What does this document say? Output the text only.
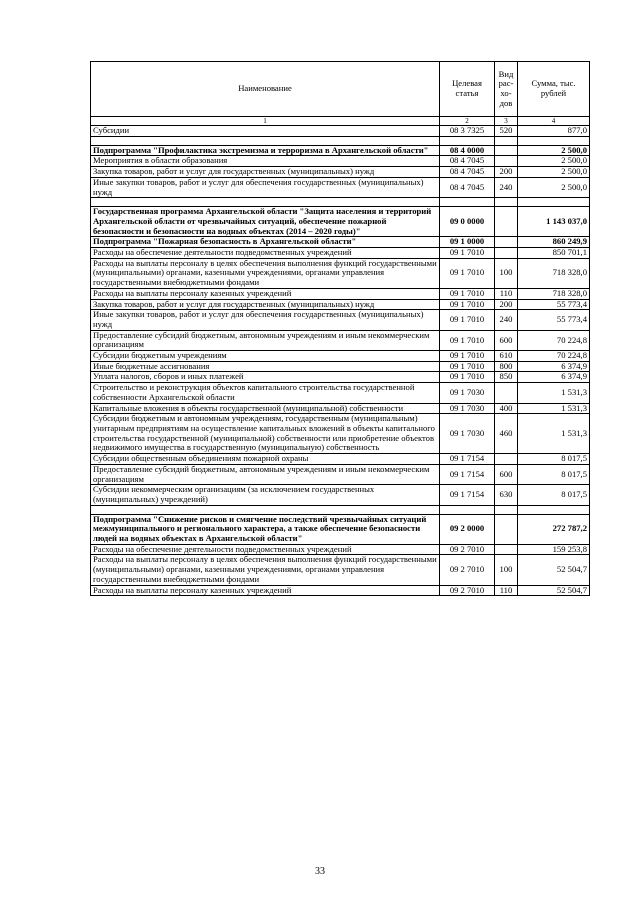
Наименование	Целевая статья	Вид рас-хо-дов	Сумма, тыс. рублей
1	2	3	4
Субсидии	08 3 7325	520	877,0

Подпрограмма "Профилактика экстремизма и терроризма в Архангельской области"	08 4 0000		2 500,0
Мероприятия в области образования	08 4 7045		2 500,0
Закупка товаров, работ и услуг для государственных (муниципальных) нужд	08 4 7045	200	2 500,0
Иные закупки товаров, работ и услуг для обеспечения государственных (муниципальных) нужд	08 4 7045	240	2 500,0

Государственная программа Архангельской области "Защита населения и территорий Архангельской области от чрезвычайных ситуаций, обеспечение пожарной безопасности и безопасности на водных объектах (2014 – 2020 годы)"	09 0 0000		1 143 037,0
Подпрограмма "Пожарная безопасность в Архангельской области"	09 1 0000		860 249,9
Расходы на обеспечение деятельности подведомственных учреждений	09 1 7010		850 701,1
Расходы на выплаты персоналу в целях обеспечения выполнения функций государственными (муниципальными) органами, казенными учреждениями, органами управления государственными внебюджетными фондами	09 1 7010	100	718 328,0
Расходы на выплаты персоналу казенных учреждений	09 1 7010	110	718 328,0
Закупка товаров, работ и услуг для государственных (муниципальных) нужд	09 1 7010	200	55 773,4
Иные закупки товаров, работ и услуг для обеспечения государственных (муниципальных) нужд	09 1 7010	240	55 773,4
Предоставление субсидий бюджетным, автономным учреждениям и иным некоммерческим организациям	09 1 7010	600	70 224,8
Субсидии бюджетным учреждениям	09 1 7010	610	70 224,8
Иные бюджетные ассигнования	09 1 7010	800	6 374,9
Уплата налогов, сборов и иных платежей	09 1 7010	850	6 374,9
Строительство и реконструкция объектов капитального строительства государственной собственности Архангельской области	09 1 7030		1 531,3
Капитальные вложения в объекты государственной (муниципальной) собственности	09 1 7030	400	1 531,3
Субсидии бюджетным и автономным учреждениям, государственным (муниципальным) унитарным предприятиям на осуществление капитальных вложений в объекты капитального строительства государственной (муниципальной) собственности или приобретение объектов недвижимого имущества в государственную (муниципальную) собственность	09 1 7030	460	1 531,3
Субсидии общественным объединениям пожарной охраны	09 1 7154		8 017,5
Предоставление субсидий бюджетным, автономным учреждениям и иным некоммерческим организациям	09 1 7154	600	8 017,5
Субсидии некоммерческим организациям (за исключением государственных (муниципальных) учреждений)	09 1 7154	630	8 017,5

Подпрограмма "Снижение рисков и смягчение последствий чрезвычайных ситуаций межмуниципального и регионального характера, а также обеспечение безопасности людей на водных объектах в Архангельской области"	09 2 0000		272 787,2
Расходы на обеспечение деятельности подведомственных учреждений	09 2 7010		159 253,8
Расходы на выплаты персоналу в целях обеспечения выполнения функций государственными (муниципальными) органами, казенными учреждениями, органами управления государственными внебюджетными фондами	09 2 7010	100	52 504,7
Расходы на выплаты персоналу казенных учреждений	09 2 7010	110	52 504,7
33
